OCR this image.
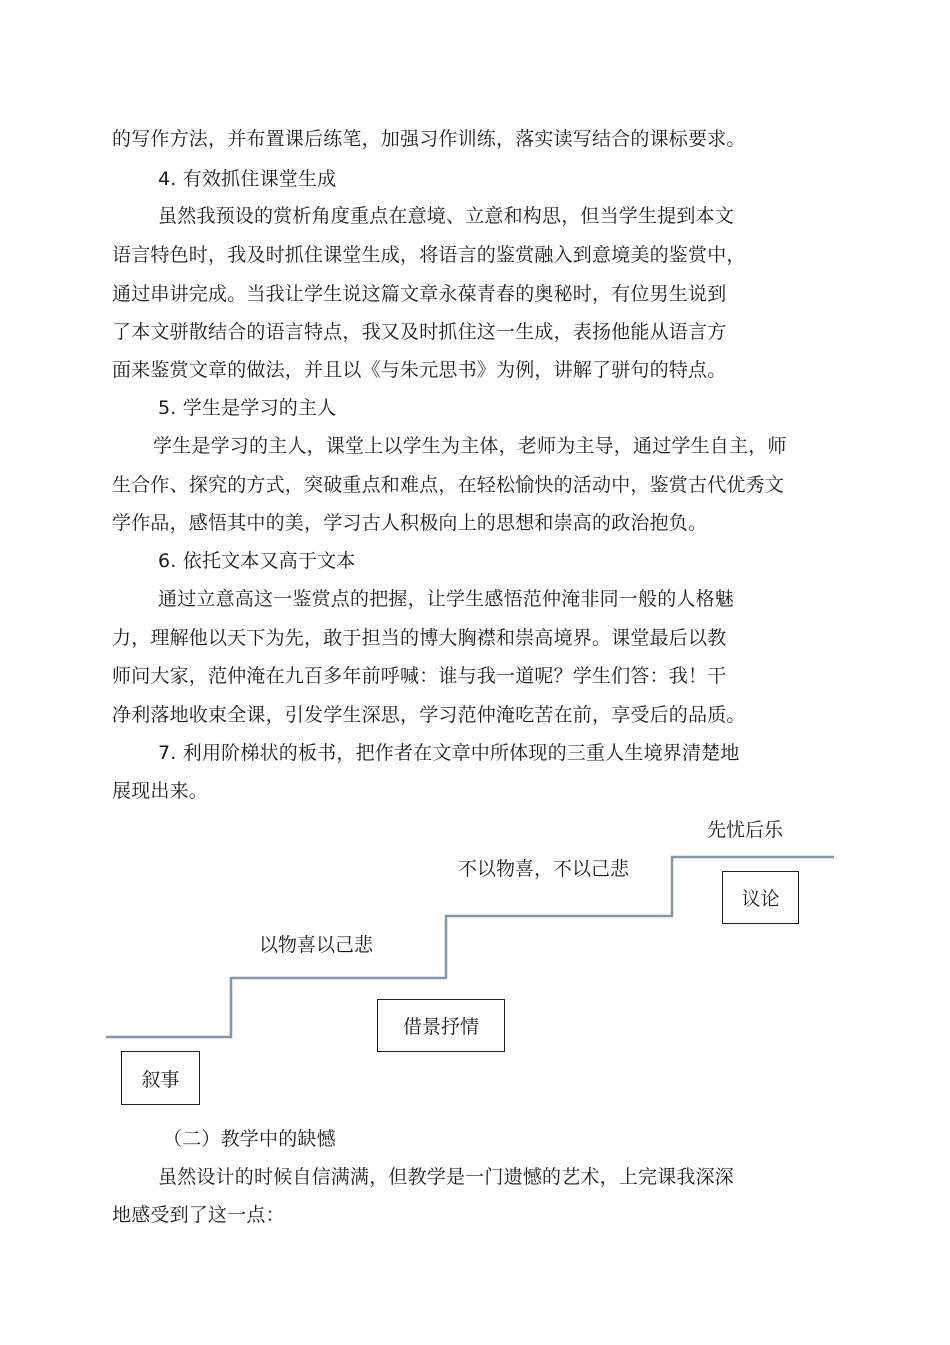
的写作方法，并布置课后练笔，加强习作训练，落实读写结合的课标要求。
4. 有效抓住课堂生成
虽然我预设的赏析角度重点在意境、立意和构思，但当学生提到本文
语言特色时，我及时抓住课堂生成，将语言的鉴赏融入到意境美的鉴赏中，
通过串讲完成。当我让学生说这篇文章永葆青春的奥秘时，有位男生说到
了本文骈散结合的语言特点，我又及时抓住这一生成，表扬他能从语言方
面来鉴赏文章的做法，并且以《与朱元思书》为例，讲解了骈句的特点。
5. 学生是学习的主人
学生是学习的主人，课堂上以学生为主体，老师为主导，通过学生自主，师
生合作、探究的方式，突破重点和难点，在轻松愉快的活动中，鉴赏古代优秀文
学作品，感悟其中的美，学习古人积极向上的思想和崇高的政治抱负。
6. 依托文本又高于文本
通过立意高这一鉴赏点的把握，让学生感悟范仲淹非同一般的人格魅
力，理解他以天下为先，敢于担当的博大胸襟和崇高境界。课堂最后以教
师问大家，范仲淹在九百多年前呼喊：谁与我一道呢？学生们答：我！干
净利落地收束全课，引发学生深思，学习范仲淹吃苦在前，享受后的品质。
7. 利用阶梯状的板书，把作者在文章中所体现的三重人生境界清楚地
展现出来。
先忧后乐
不以物喜，不以己悲
以物喜以己悲
议论
借景抒情
叙事
（二）教学中的缺憾
虽然设计的时候自信满满，但教学是一门遗憾的艺术，上完课我深深
地感受到了这一点：
